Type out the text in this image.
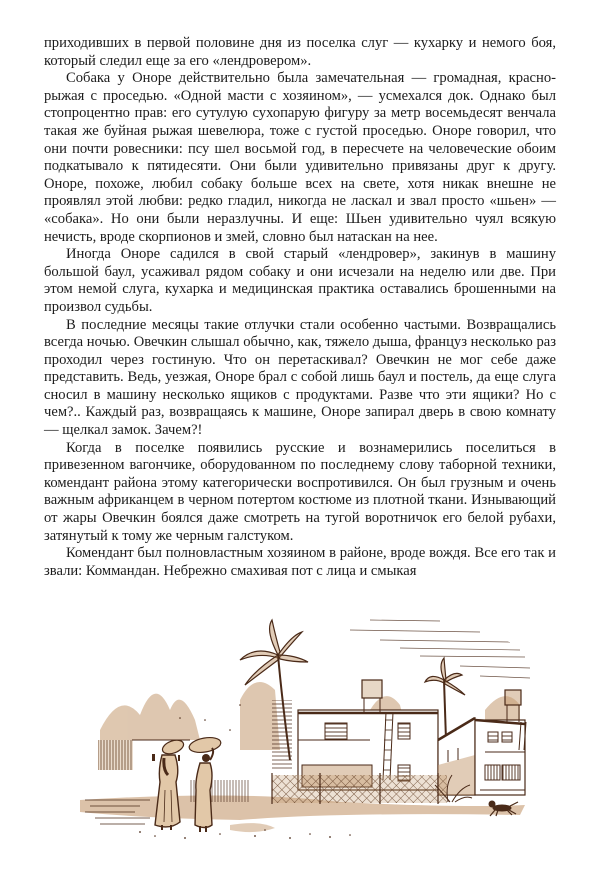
приходивших в первой половине дня из поселка слуг — кухарку и немого боя, который следил еще за его «лендровером».

Собака у Оноре действительно была замечательная — громадная, красно-рыжая с проседью. «Одной масти с хозяином», — усмехался док. Однако был стопроцентно прав: его сутулую сухопарую фигуру за метр восемьдесят венчала такая же буйная рыжая шевелюра, тоже с густой проседью. Оноре говорил, что они почти ровесники: псу шел восьмой год, в пересчете на человеческие обоим подкатывало к пятидесяти. Они были удивительно привязаны друг к другу. Оноре, похоже, любил собаку больше всех на свете, хотя никак внешне не проявлял этой любви: редко гладил, никогда не ласкал и звал просто «шьен» — «собака». Но они были неразлучны. И еще: Шьен удивительно чуял всякую нечисть, вроде скорпионов и змей, словно был натаскан на нее.

Иногда Оноре садился в свой старый «лендровер», закинув в машину большой баул, усаживал рядом собаку и они исчезали на неделю или две. При этом немой слуга, кухарка и медицинская практика оставались брошенными на произвол судьбы.

В последние месяцы такие отлучки стали особенно частыми. Возвращались всегда ночью. Овечкин слышал обычно, как, тяжело дыша, француз несколько раз проходил через гостиную. Что он перетаскивал? Овечкин не мог себе даже представить. Ведь, уезжая, Оноре брал с собой лишь баул и постель, да еще слуга сносил в машину несколько ящиков с продуктами. Разве что эти ящики? Но с чем?.. Каждый раз, возвращаясь к машине, Оноре запирал дверь в свою комнату — щелкал замок. Зачем?!

Когда в поселке появились русские и вознамерились поселиться в привезенном вагончике, оборудованном по последнему слову таборной техники, комендант района этому категорически воспротивился. Он был грузным и очень важным африканцем в черном потертом костюме из плотной ткани. Изнывающий от жары Овечкин боялся даже смотреть на тугой воротничок его белой рубахи, затянутый к тому же черным галстуком.

Комендант был полновластным хозяином в районе, вроде вождя. Все его так и звали: Коммандан. Небрежно смахивая пот с лица и смыкая
